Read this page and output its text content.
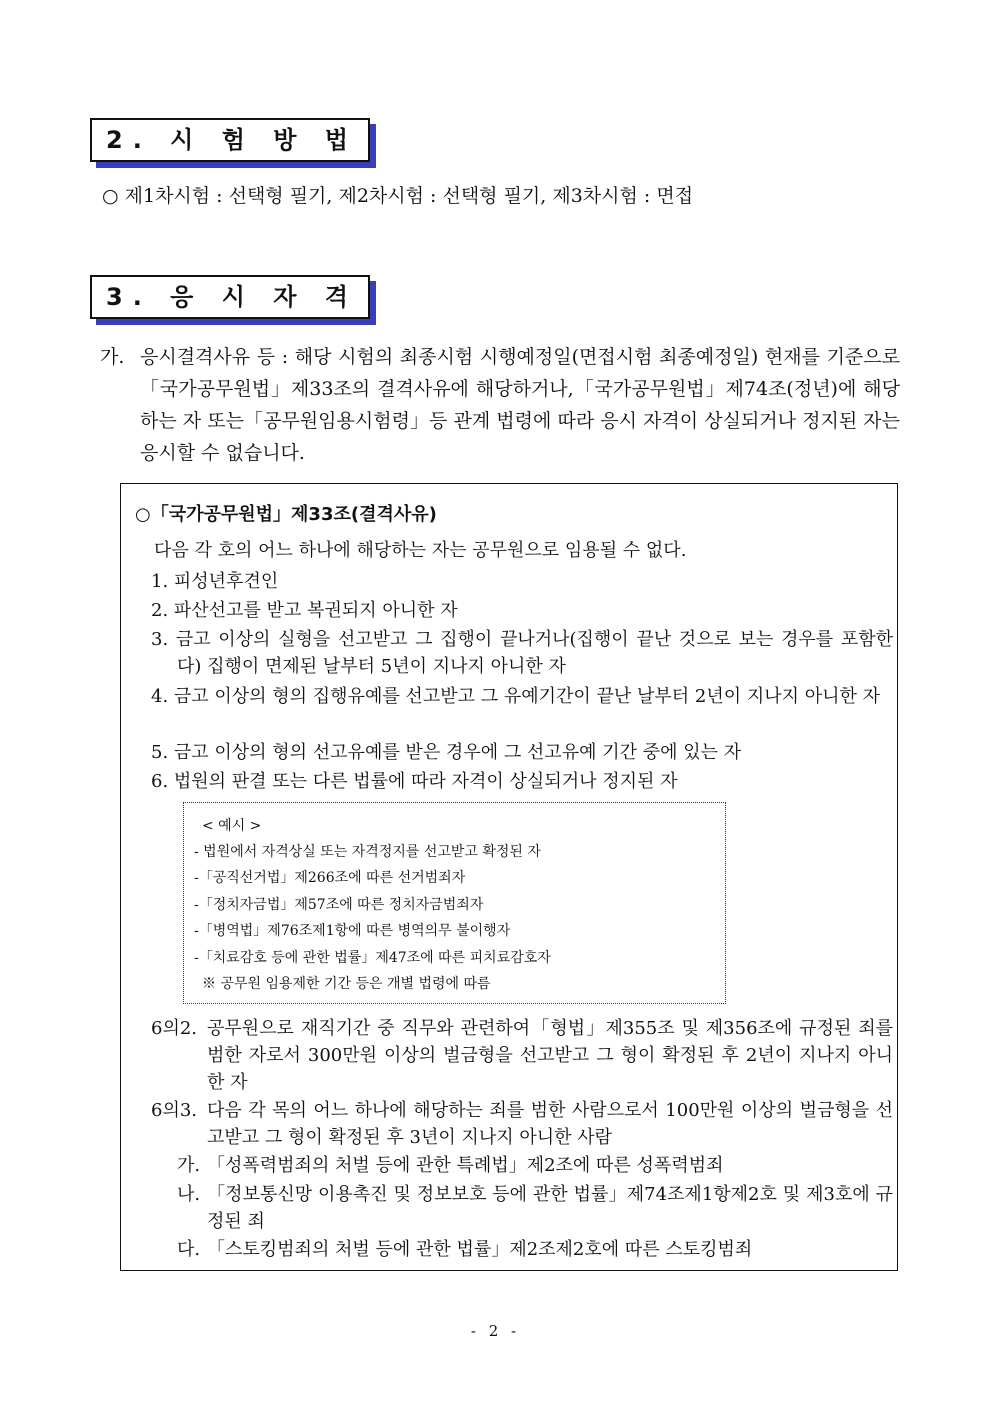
2. 시 험 방 법
○ 제1차시험 : 선택형 필기, 제2차시험 : 선택형 필기, 제3차시험 : 면접
3. 응 시 자 격
가. 응시결격사유 등 : 해당 시험의 최종시험 시행예정일(면접시험 최종예정일) 현재를 기준으로「국가공무원법」제33조의 결격사유에 해당하거나,「국가공무원법」제74조(정년)에 해당하는 자 또는「공무원임용시험령」등 관계 법령에 따라 응시 자격이 상실되거나 정지된 자는 응시할 수 없습니다.
○「국가공무원법」제33조(결격사유)
다음 각 호의 어느 하나에 해당하는 자는 공무원으로 임용될 수 없다.
1. 피성년후견인
2. 파산선고를 받고 복권되지 아니한 자
3. 금고 이상의 실형을 선고받고 그 집행이 끝나거나(집행이 끝난 것으로 보는 경우를 포함한다) 집행이 면제된 날부터 5년이 지나지 아니한 자
4. 금고 이상의 형의 집행유예를 선고받고 그 유예기간이 끝난 날부터 2년이 지나지 아니한 자
5. 금고 이상의 형의 선고유예를 받은 경우에 그 선고유예 기간 중에 있는 자
6. 법원의 판결 또는 다른 법률에 따라 자격이 상실되거나 정지된 자
< 예시 >
- 법원에서 자격상실 또는 자격정지를 선고받고 확정된 자
-「공직선거법」제266조에 따른 선거범죄자
-「정치자금법」제57조에 따른 정치자금범죄자
-「병역법」제76조제1항에 따른 병역의무 불이행자
-「치료감호 등에 관한 법률」제47조에 따른 피치료감호자
※ 공무원 임용제한 기간 등은 개별 법령에 따름
6의2. 공무원으로 재직기간 중 직무와 관련하여「형법」제355조 및 제356조에 규정된 죄를 범한 자로서 300만원 이상의 벌금형을 선고받고 그 형이 확정된 후 2년이 지나지 아니한 자
6의3. 다음 각 목의 어느 하나에 해당하는 죄를 범한 사람으로서 100만원 이상의 벌금형을 선고받고 그 형이 확정된 후 3년이 지나지 아니한 사람
가. 「성폭력범죄의 처벌 등에 관한 특례법」제2조에 따른 성폭력범죄
나. 「정보통신망 이용촉진 및 정보보호 등에 관한 법률」제74조제1항제2호 및 제3호에 규정된 죄
다. 「스토킹범죄의 처벌 등에 관한 법률」제2조제2호에 따른 스토킹범죄
- 2 -
